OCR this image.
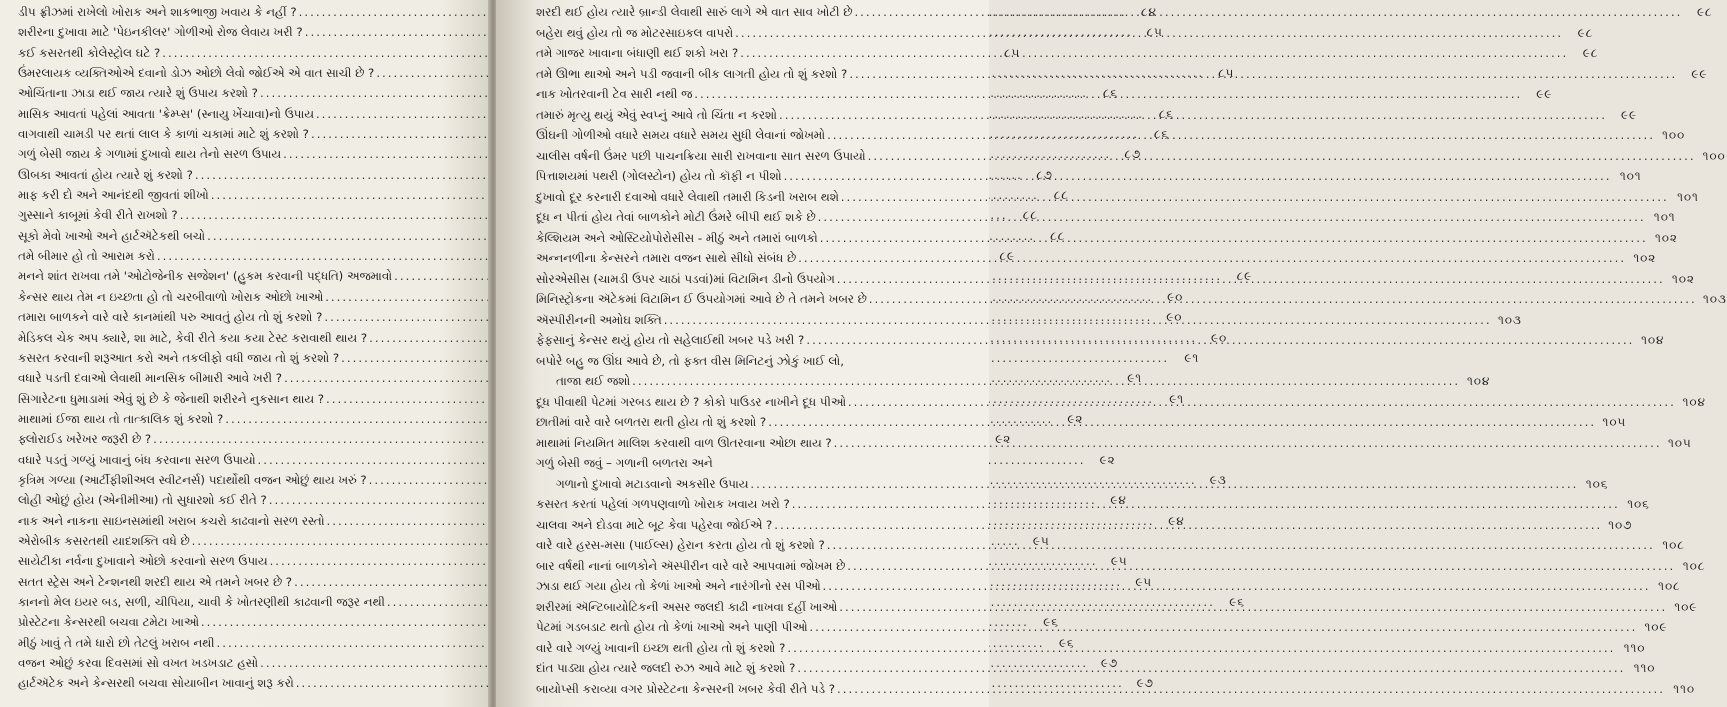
ડીપ ફ્રીઝમાં રાખેલો ખોરાક અને શાકભાજી ખવાય કે નહીં ? .....	૮૪
શરીરના દુખાવા માટે 'પેઇનકીલર' ગોળીઓ રોજ લેવાય ખરી ? .....	૮૫
કઈ કસરતથી કોલેસ્ટ્રોલ ઘટે ? .....	૮૫
ઉંમરલાયક વ્યક્તિઓએ દવાનો ડોઝ ઓછો લેવો જોઈએ એ વાત સાચી છે ? .....	૮૫
ઓચિંતાના ઝાડા થઈ જાય ત્યારે શું ઉપાય કરશો ? .....	૮૬
માસિક આવતાં પહેલાં આવતા 'ક્રેમ્પ્સ' (સ્નાયુ ખેંચાવા)નો ઉપાય .....	૮૬
વાગવાથી ચામડી પર થતાં લાલ કે કાળાં ચકામાં માટે શું કરશો ? .....	૮૬
ગળું બેસી જાય કે ગળામાં દુખાવો થાય તેનો સરળ ઉપાય .....	૮૭
ઊબકા આવતાં હોય ત્યારે શું કરશો ? .....	૮૭
માફ કરી દો અને આનંદથી જીવતાં શીખો .....	૮૮
ગુસ્સાને કાબૂમાં કેવી રીતે રાખશો ? .....	૮૮
સૂકો મેવો ખાઓ અને હાર્ટઍટેકથી બચો .....	૮૮
તમે બીમાર હો તો આરામ કરો .....	૮૯
મનને શાંત રાખવા તમે 'ઓટોજેનીક સજેશન' (હુકમ કરવાની પદ્ધતિ) અજમાવો .....	૮૯
કેન્સર થાય તેમ ન ઇચ્છતા હો તો ચરબીવાળો ખોરાક ઓછો ખાઓ .....	૯૦
તમારા બાળકને વારે વારે કાનમાંથી પરુ આવતું હોય તો શું કરશો ? .....	૯૦
મેડિકલ ચેક અપ ક્યારે, શા માટે, કેવી રીતે કયા કયા ટેસ્ટ કરાવાથી થાય ? .....	૯૦
કસરત કરવાની શરૂઆત કરો અને તકલીફો વધી જાય તો શું કરશો ? .....	૯૧
વધારે પડતી દવાઓ લેવાથી માનસિક બીમારી આવે ખરી ? .....	૯૧
સિગારેટના ધુમાડામાં એવું શું છે કે જેનાથી શરીરને નુકસાન થાય ? .....	૯૧
માથામાં ઈજા થાય તો તાત્કાલિક શું કરશો ? .....	૯૨
ફ્લોરાઈડ ખરેખર જરૂરી છે ? .....	૯૨
વધારે પડતું ગળ્યું ખાવાનું બંધ કરવાના સરળ ઉપાયો .....	૯૨
કૃત્રિમ ગળ્યા (આર્ટીફીશીઅલ સ્વીટનર્સ) પદાર્થોથી વજન ઓછું થાય ખરું ? .....	૯૩
લોહી ઓછું હોય (એનીમીઆ) તો સુધારશો કઈ રીતે ? .....	૯૪
નાક અને નાકના સાઇનસમાંથી ખરાબ કચરો કાઢવાનો સરળ રસ્તો .....	૯૪
એરોબીક કસરતથી યાદશક્તિ વધે છે .....	૯૫
સાયેટીકા નર્વના દુખાવાને ઓછો કરવાનો સરળ ઉપાય .....	૯૫
સતત સ્ટ્રેસ અને ટેન્શનથી શરદી થાય એ તમને ખબર છે ? .....	૯૫
કાનનો મેલ ઇયર બડ, સળી, ચીપિયા, ચાવી કે ખોતરણીથી કાઢવાની જરૂર નથી .....	૯૬
પ્રોસ્ટેટના કેન્સરથી બચવા ટમેટા ખાઓ .....	૯૬
મીઠું ખાવું તે તમે ધારો છો તેટલું ખરાબ નથી .....	૯૬
વજન ઓછું કરવા દિવસમાં સો વખત ખડખડાટ હસો .....	૯૭
હાર્ટઍટેક અને કેન્સરથી બચવા સોયાબીન ખાવાનું શરૂ કરો .....	૯૭
શરદી થઈ હોય ત્યારે બ્રાન્ડી લેવાથી સારું લાગે એ વાત સાવ ખોટી છે .....	૯૮
બહેરા થવું હોય તો જ મોટરસાઇકલ વાપરો .....	૯૮
તમે ગાજર ખાવાના બંધાણી થઈ શકો ખરા ? .....	૯૮
તમે ઊભા થાઓ અને પડી જવાની બીક લાગતી હોય તો શું કરશો ? .....	૯૯
નાક ખોતરવાની ટેવ સારી નથી જ .....	૯૯
તમારું મૃત્યુ થયું એવું સ્વપ્નું આવે તો ચિંતા ન કરશો .....	૯૯
ઊંઘની ગોળીઓ વધારે સમય વધારે સમય સુધી લેવાનાં જોખમો .....	૧૦૦
ચાલીસ વર્ષની ઉંમર પછી પાચનક્રિયા સારી રાખવાના સાત સરળ ઉપાયો .....	૧૦૦
પિત્તાશયમાં પથરી (ગોલસ્ટોન) હોય તો કૉફી ન પીશો .....	૧૦૧
દુખાવો દૂર કરનારી દવાઓ વધારે લેવાથી તમારી કિડની ખરાબ થશે .....	૧૦૧
દૂધ ન પીતાં હોય તેવાં બાળકોને મોટી ઉંમરે બીપી થઈ શકે છે .....	૧૦૧
કેલ્શિયમ અને ઓસ્ટિયોપોરોસીસ - મીઠું અને તમારાં બાળકો .....	૧૦૨
અન્નનળીના કેન્સરને તમારા વજન સાથે સીધો સંબંધ છે .....	૧૦૨
સોરએસીસ (ચામડી ઉપર ચાઠાં પડવાં)માં વિટામિન ડીનો ઉપયોગ .....	૧૦૨
મિનિસ્ટ્રોકના ઍટેકમાં વિટામિન ઈ ઉપયોગમાં આવે છે તે તમને ખબર છે .....	૧૦૩
ઍસ્પીરીનની અમોઘ શક્તિ .....	૧૦૩
ફેફસાનું કેન્સર થયું હોય તો સહેલાઈથી ખબર પડે ખરી ? .....	૧૦૪
બપોરે બહુ જ ઊંઘ આવે છે, તો ફક્ત વીસ મિનિટનું ઝોકું ખાઈ લો,
તાજા થઈ જશો .....	૧૦૪
દૂધ પીવાથી પેટમાં ગરબડ થાય છે ? કોકો પાઉડર નાખીને દૂધ પીઓ .....	૧૦૪
છાતીમાં વારે વારે બળતરા થતી હોય તો શું કરશો ? .....	૧૦૫
માથામાં નિયમિત માલિશ કરવાથી વાળ ઊતરવાના ઓછા થાય ? .....	૧૦૫
ગળું બેસી જવું – ગળાની બળતરા અને
ગળાનો દુખાવો મટાડવાનો અકસીર ઉપાય .....	૧૦૬
કસરત કરતાં પહેલાં ગળપણવાળો ખોરાક ખવાય ખરો ? .....	૧૦૬
ચાલવા અને દોડવા માટે બૂટ કેવા પહેરવા જોઈએ ? .....	૧૦૭
વારે વારે હરસ-મસા (પાઈલ્સ) હેરાન કરતા હોય તો શું કરશો ? .....	૧૦૮
બાર વર્ષથી નાનાં બાળકોને ઍસ્પીરીન વારે વારે આપવામાં જોખમ છે .....	૧૦૮
ઝાડા થઈ ગયા હોય તો કેળાં ખાઓ અને નારંગીનો રસ પીઓ .....	૧૦૮
શરીરમાં ઍન્ટિબાયોટિકની અસર જલદી કાઢી નાખવા દહીં ખાઓ .....	૧૦૯
પેટમાં ગડબડાટ થતો હોય તો કેળાં ખાઓ અને પાણી પીઓ .....	૧૦૯
વારે વારે ગળ્યું ખાવાની ઇચ્છા થતી હોય તો શું કરશો ? .....	૧૧૦
દાંત પાડ્યા હોય ત્યારે જલદી રુઝ આવે માટે શું કરશો ? .....	૧૧૦
બાયોપ્સી કરાવ્યા વગર પ્રોસ્ટેટના કેન્સરની ખબર કેવી રીતે પડે ? .....	૧૧૦
